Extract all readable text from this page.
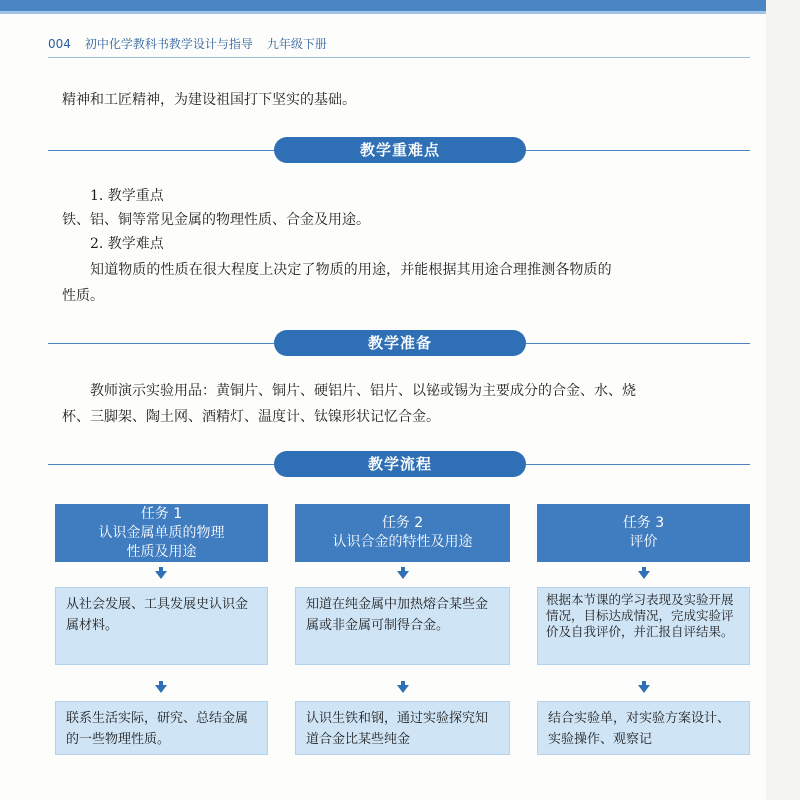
004 初中化学教科书教学设计与指导 九年级下册
精神和工匠精神，为建设祖国打下坚实的基础。
教学重难点
1. 教学重点
铁、铝、铜等常见金属的物理性质、合金及用途。
2. 教学难点
知道物质的性质在很大程度上决定了物质的用途，并能根据其用途合理推测各物质的
性质。
教学准备
教师演示实验用品：黄铜片、铜片、硬铝片、铝片、以铋或锡为主要成分的合金、水、烧
杯、三脚架、陶土网、酒精灯、温度计、钛镍形状记忆合金。
教学流程
任务 1
认识金属单质的物理
性质及用途
从社会发展、工具发展史认识金属材料。
联系生活实际，研究、总结金属的一些物理性质。
任务 2
认识合金的特性及用途
知道在纯金属中加热熔合某些金属或非金属可制得合金。
认识生铁和钢，通过实验探究知道合金比某些纯金
任务 3
评价
根据本节课的学习表现及实验开展情况，目标达成情况，完成实验评价及自我评价，并汇报自评结果。
结合实验单，对实验方案设计、实验操作、观察记
